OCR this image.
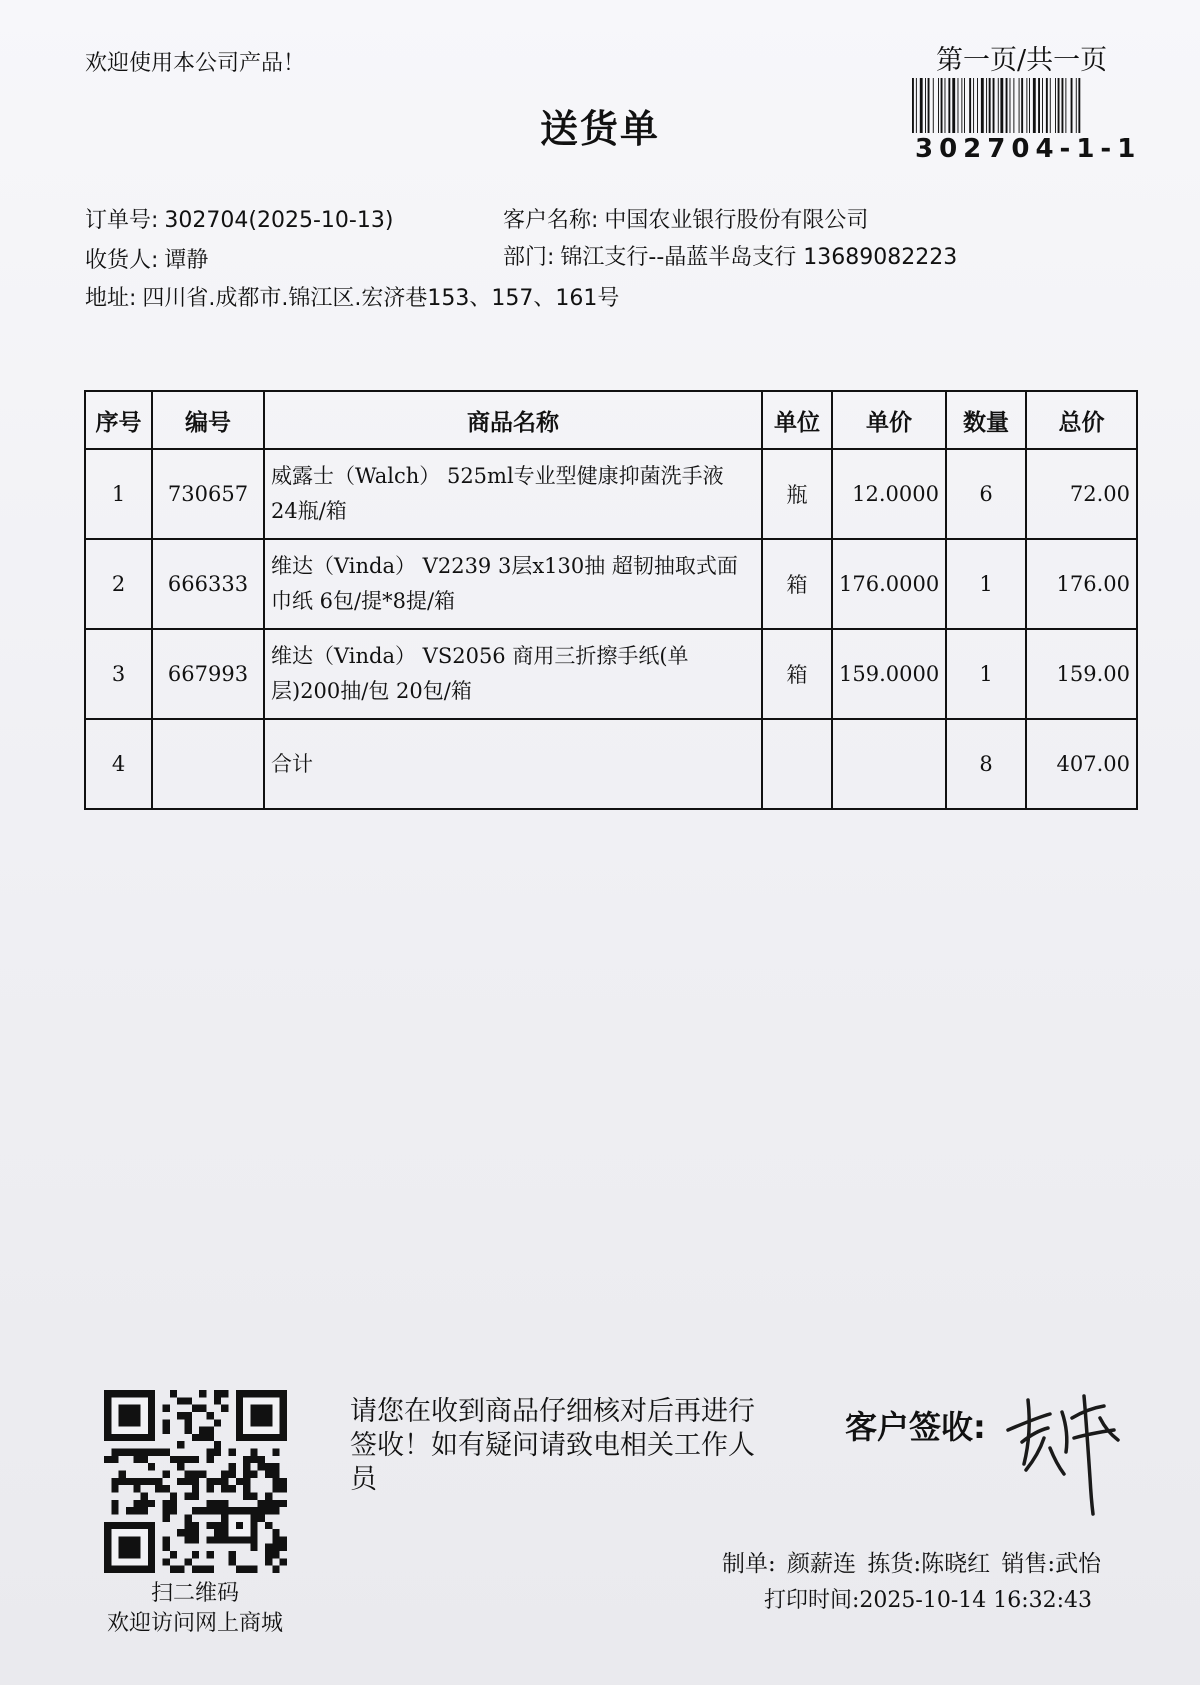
欢迎使用本公司产品！	第一页/共一页
送货单	302704-1-1
订单号: 302704(2025-10-13)	客户名称: 中国农业银行股份有限公司
收货人: 谭静	部门: 锦江支行--晶蓝半岛支行 13689082223
地址: 四川省.成都市.锦江区.宏济巷153、157、161号
序号	编号	商品名称	单位	单价	数量	总价
1	730657	威露士（Walch） 525ml专业型健康抑菌洗手液 24瓶/箱	瓶	12.0000	6	72.00
2	666333	维达（Vinda） V2239 3层x130抽 超韧抽取式面巾纸 6包/提*8提/箱	箱	176.0000	1	176.00
3	667993	维达（Vinda） VS2056 商用三折擦手纸(单层)200抽/包 20包/箱	箱	159.0000	1	159.00
4		合计			8	407.00
扫二维码
欢迎访问网上商城
请您在收到商品仔细核对后再进行签收！如有疑问请致电相关工作人员
客户签收:
制单: 颜薪连 拣货:陈晓红 销售:武怡
打印时间:2025-10-14 16:32:43
